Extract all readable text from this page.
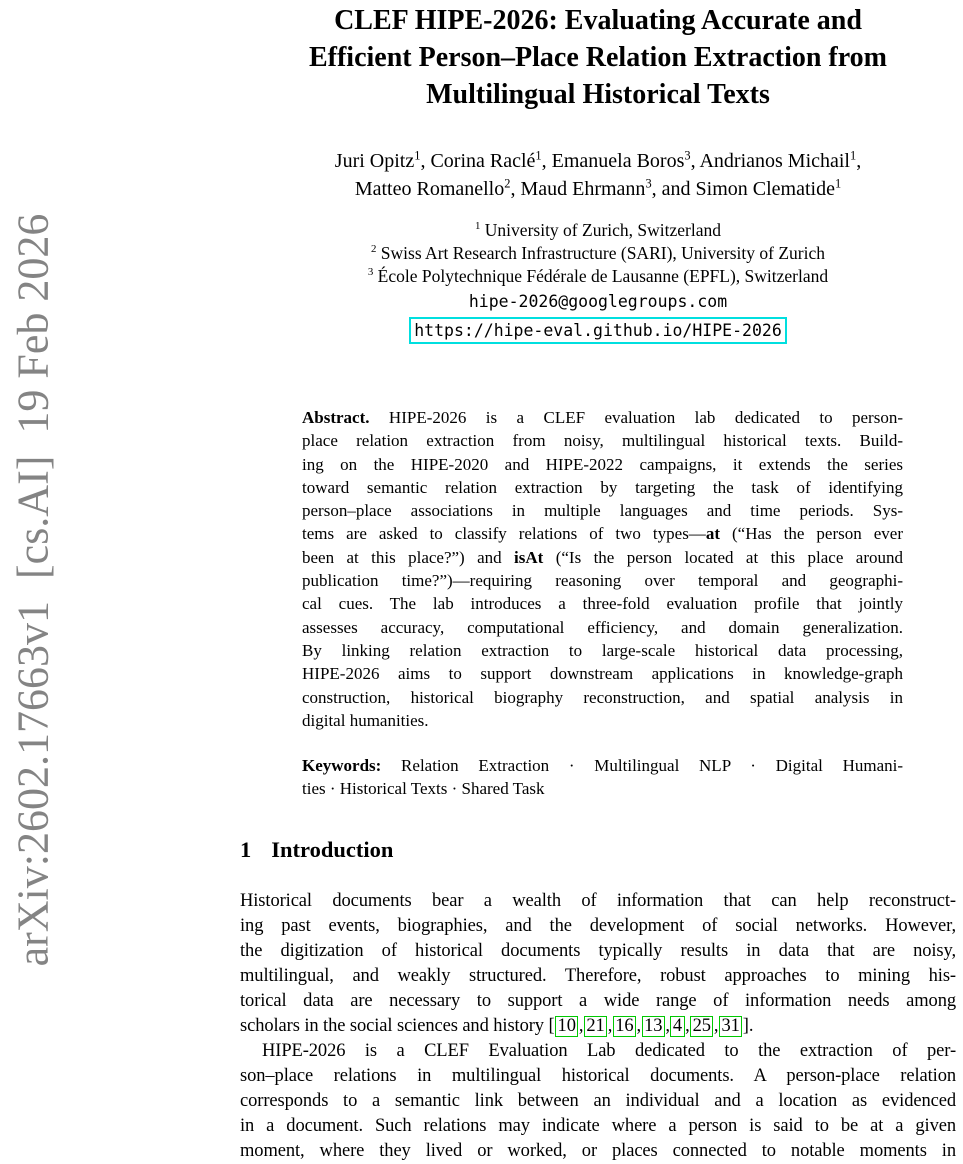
arXiv:2602.17663v1  [cs.AI]  19 Feb 2026
CLEF HIPE-2026: Evaluating Accurate and
Efficient Person–Place Relation Extraction from
Multilingual Historical Texts
Juri Opitz$^1$, Corina Raclé$^1$, Emanuela Boros$^3$, Andrianos Michail$^1$,
Matteo Romanello$^2$, Maud Ehrmann$^3$, and Simon Clematide$^1$
$^1$ University of Zurich, Switzerland
$^2$ Swiss Art Research Infrastructure (SARI), University of Zurich
$^3$ École Polytechnique Fédérale de Lausanne (EPFL), Switzerland
hipe-2026@googlegroups.com
https://hipe-eval.github.io/HIPE-2026
Abstract. HIPE-2026 is a CLEF evaluation lab dedicated to person-
place relation extraction from noisy, multilingual historical texts. Build-
ing on the HIPE-2020 and HIPE-2022 campaigns, it extends the series
toward semantic relation extraction by targeting the task of identifying
person–place associations in multiple languages and time periods. Sys-
tems are asked to classify relations of two types—at (“Has the person ever
been at this place?”) and isAt (“Is the person located at this place around
publication time?”)—requiring reasoning over temporal and geographi-
cal cues. The lab introduces a three-fold evaluation profile that jointly
assesses accuracy, computational efficiency, and domain generalization.
By linking relation extraction to large-scale historical data processing,
HIPE-2026 aims to support downstream applications in knowledge-graph
construction, historical biography reconstruction, and spatial analysis in
digital humanities.
Keywords: Relation Extraction · Multilingual NLP · Digital Humani-
ties · Historical Texts · Shared Task
1 Introduction
Historical documents bear a wealth of information that can help reconstruct-
ing past events, biographies, and the development of social networks. However,
the digitization of historical documents typically results in data that are noisy,
multilingual, and weakly structured. Therefore, robust approaches to mining his-
torical data are necessary to support a wide range of information needs among
scholars in the social sciences and history [ 10 , 21 , 16 , 13 , 4 , 25 , 31 ].
HIPE-2026 is a CLEF Evaluation Lab dedicated to the extraction of per-
son–place relations in multilingual historical documents. A person-place relation
corresponds to a semantic link between an individual and a location as evidenced
in a document. Such relations may indicate where a person is said to be at a given
moment, where they lived or worked, or places connected to notable moments in
